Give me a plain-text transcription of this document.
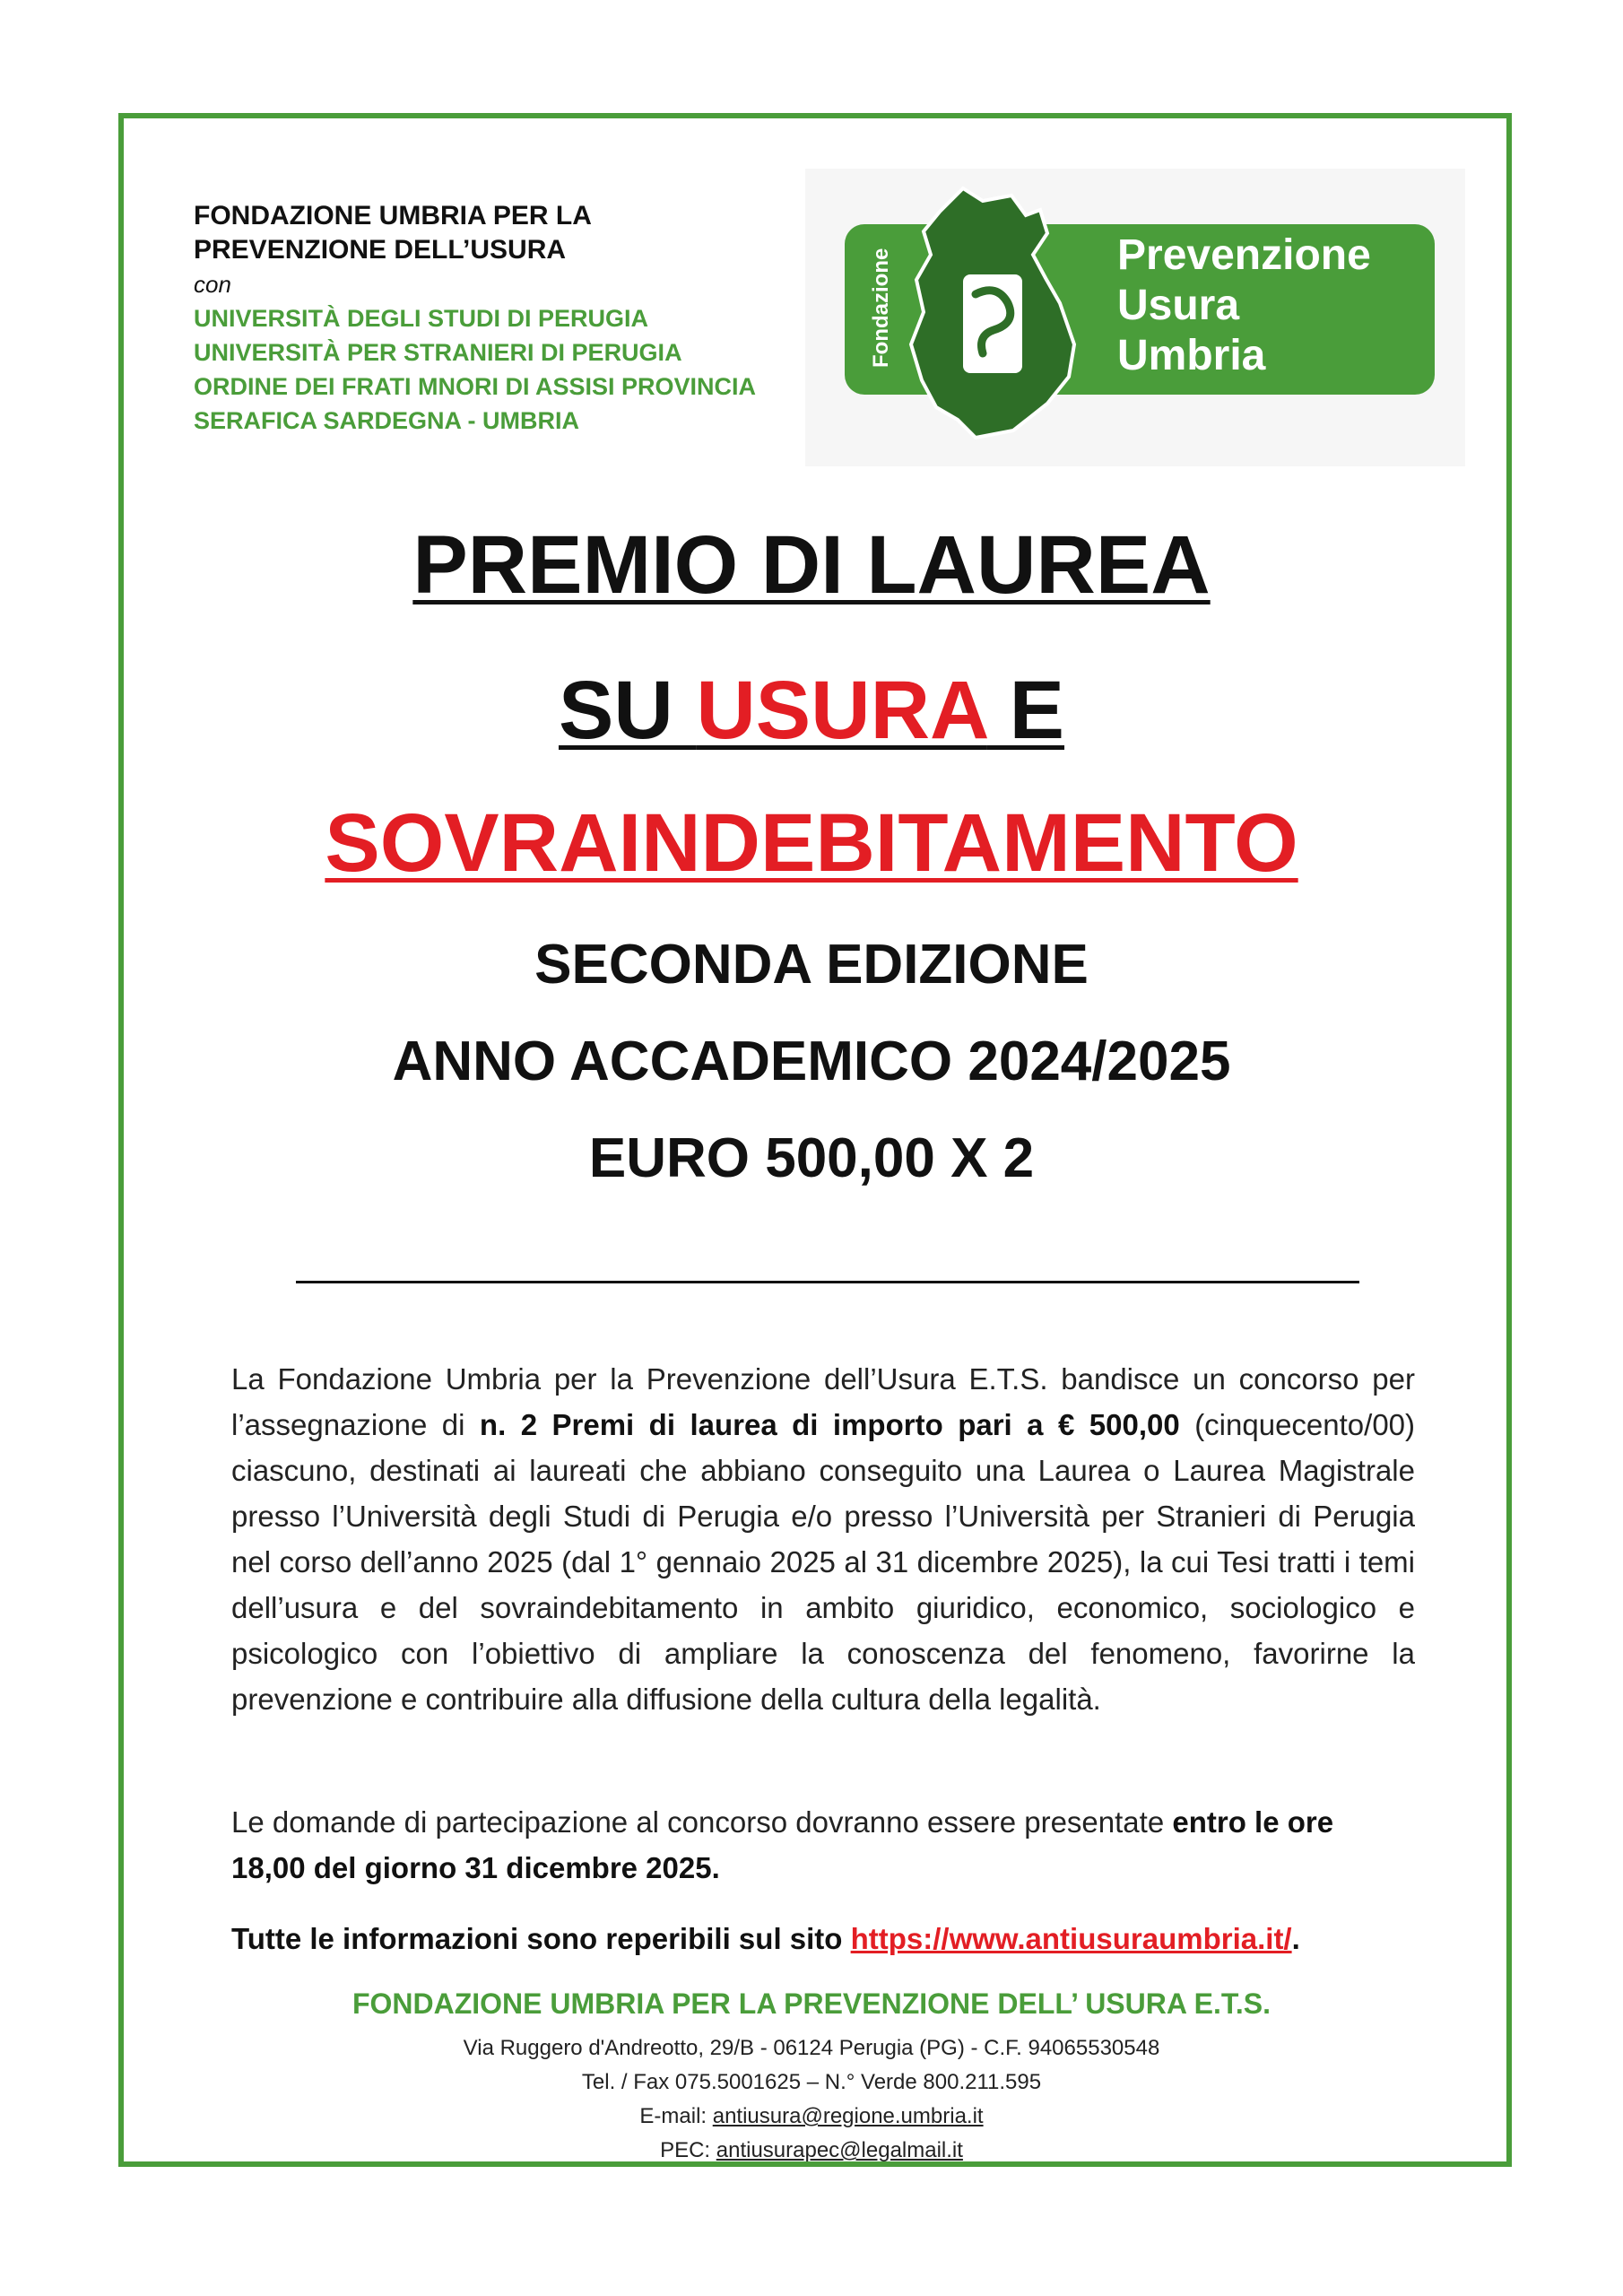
FONDAZIONE UMBRIA PER LA
PREVENZIONE DELL’USURA
con
UNIVERSITÀ DEGLI STUDI DI PERUGIA
UNIVERSITÀ PER STRANIERI DI PERUGIA
ORDINE DEI FRATI MNORI DI ASSISI PROVINCIA
SERAFICA SARDEGNA - UMBRIA
Fondazione	Prevenzione
Usura
Umbria
PREMIO DI LAUREA
SU USURA E
SOVRAINDEBITAMENTO
SECONDA EDIZIONE
ANNO ACCADEMICO 2024/2025
EURO 500,00 X 2
La Fondazione Umbria per la Prevenzione dell’Usura E.T.S. bandisce un concorso per l’assegnazione di n. 2 Premi di laurea di importo pari a € 500,00 (cinquecento/00) ciascuno, destinati ai laureati che abbiano conseguito una Laurea o Laurea Magistrale presso l’Università degli Studi di Perugia e/o presso l’Università per Stranieri di Perugia nel corso dell’anno 2025 (dal 1° gennaio 2025 al 31 dicembre 2025), la cui Tesi tratti i temi dell’usura e del sovraindebitamento in ambito giuridico, economico, sociologico e psicologico con l’obiettivo di ampliare la conoscenza del fenomeno, favorirne la prevenzione e contribuire alla diffusione della cultura della legalità.
Le domande di partecipazione al concorso dovranno essere presentate entro le ore 18,00 del giorno 31 dicembre 2025.
Tutte le informazioni sono reperibili sul sito https://www.antiusuraumbria.it/.
FONDAZIONE UMBRIA PER LA PREVENZIONE DELL’ USURA E.T.S.
Via Ruggero d'Andreotto, 29/B - 06124 Perugia (PG) - C.F. 94065530548
Tel. / Fax 075.5001625 – N.° Verde 800.211.595
E-mail: antiusura@regione.umbria.it
PEC: antiusurapec@legalmail.it
